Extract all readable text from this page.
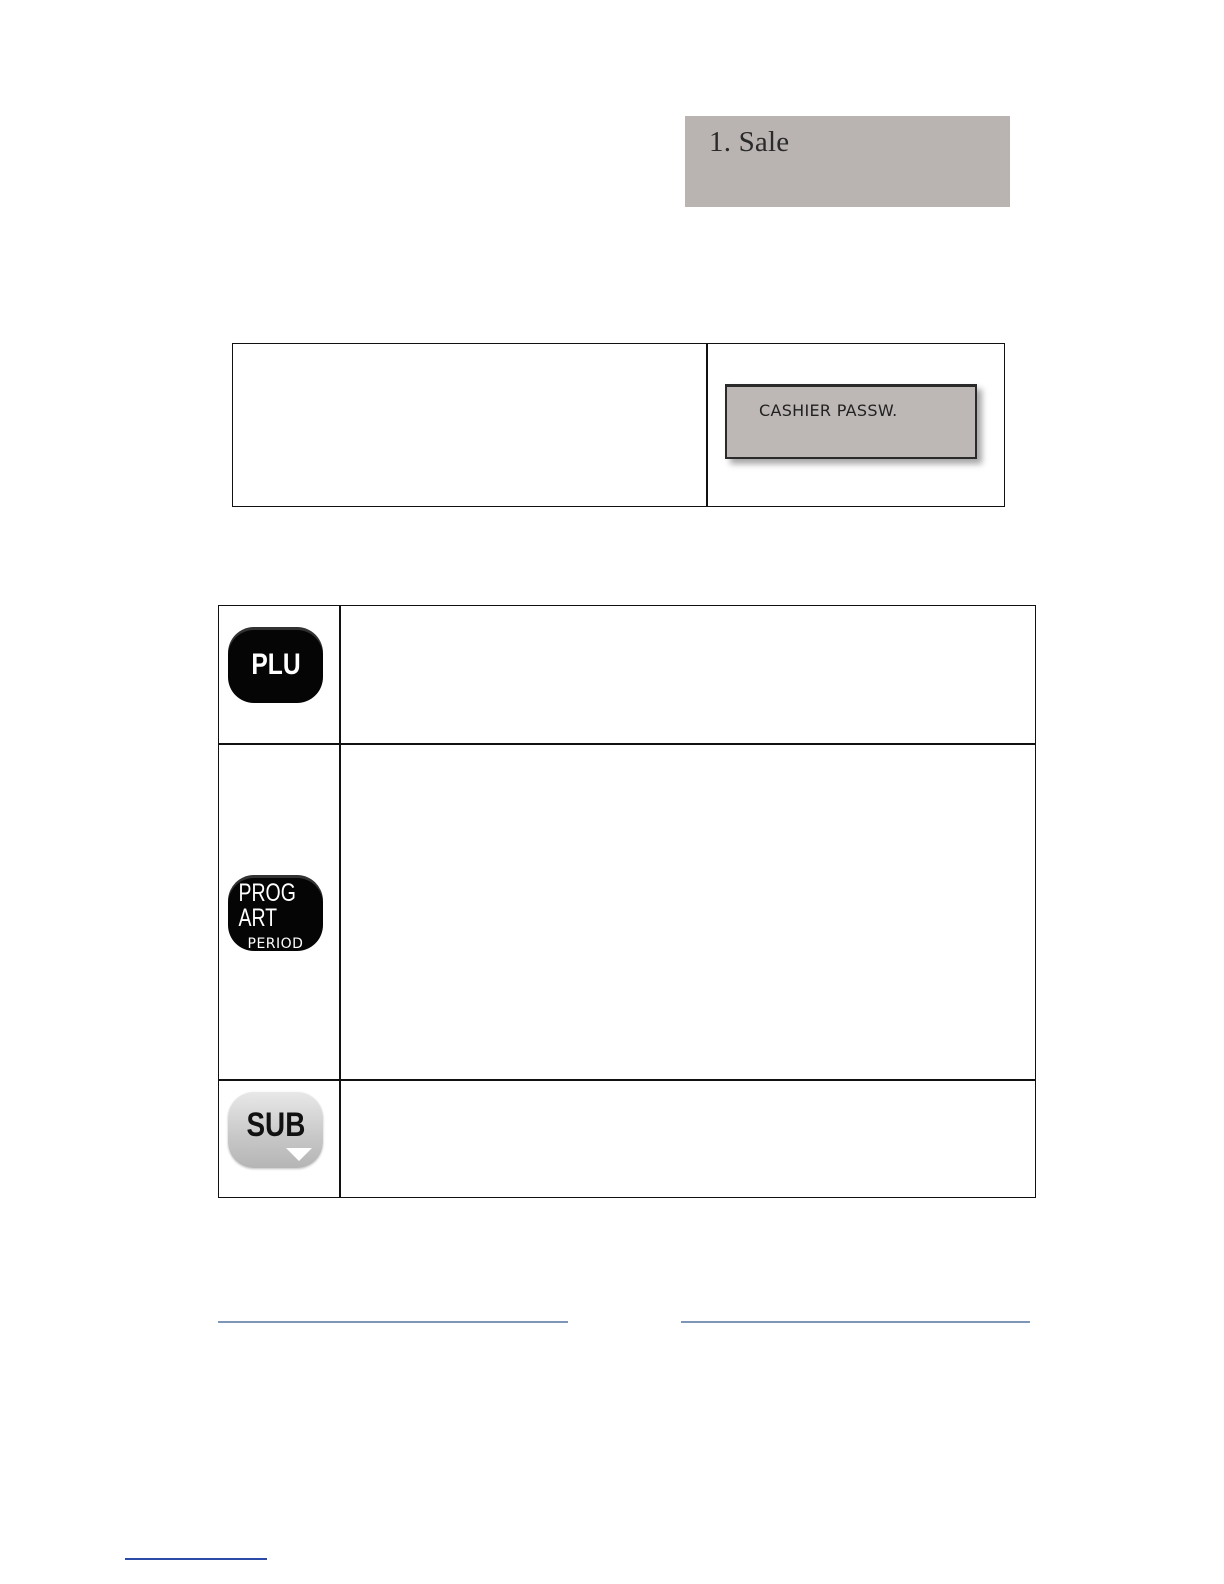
1. Sale
CASHIER PASSW.
PLU
PROG ART
PERIOD
SUB
